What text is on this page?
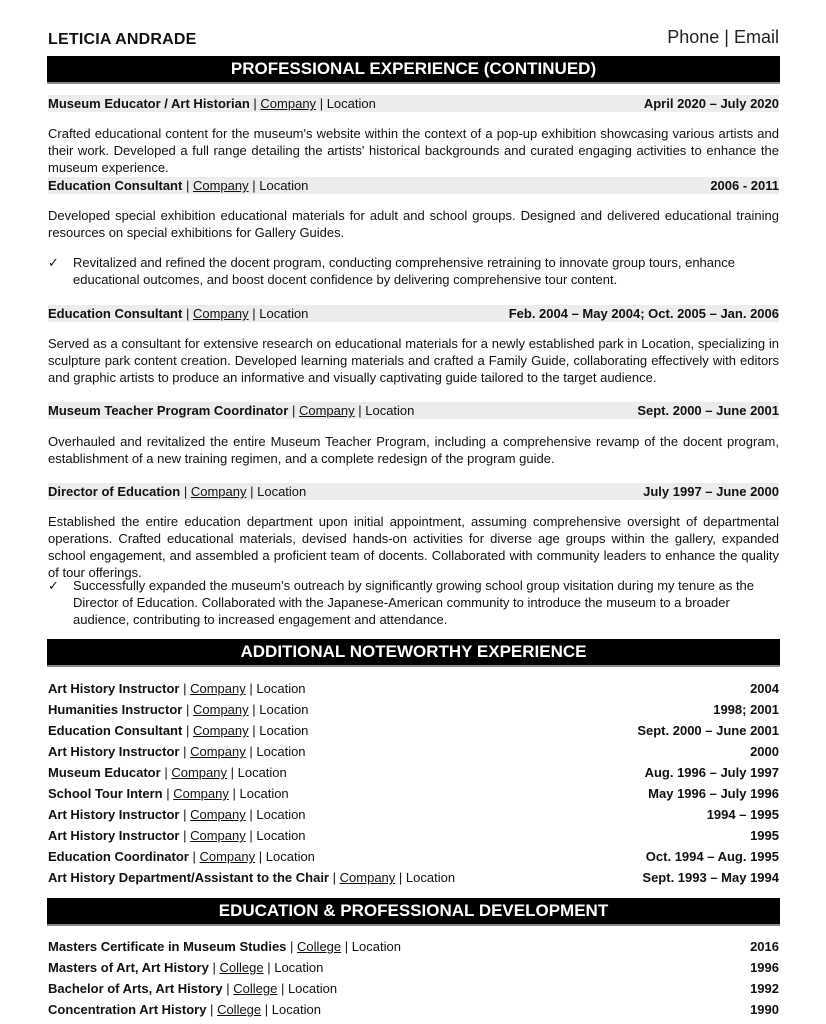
LETICIA ANDRADE	Phone | Email
PROFESSIONAL EXPERIENCE (CONTINUED)
Museum Educator / Art Historian | Company | Location	April 2020 – July 2020
Crafted educational content for the museum's website within the context of a pop-up exhibition showcasing various artists and their work. Developed a full range detailing the artists' historical backgrounds and curated engaging activities to enhance the museum experience.
Education Consultant | Company | Location	2006 - 2011
Developed special exhibition educational materials for adult and school groups. Designed and delivered educational training resources on special exhibitions for Gallery Guides.
✓ Revitalized and refined the docent program, conducting comprehensive retraining to innovate group tours, enhance educational outcomes, and boost docent confidence by delivering comprehensive tour content.
Education Consultant | Company | Location	Feb. 2004 – May 2004; Oct. 2005 – Jan. 2006
Served as a consultant for extensive research on educational materials for a newly established park in Location, specializing in sculpture park content creation. Developed learning materials and crafted a Family Guide, collaborating effectively with editors and graphic artists to produce an informative and visually captivating guide tailored to the target audience.
Museum Teacher Program Coordinator | Company | Location	Sept. 2000 – June 2001
Overhauled and revitalized the entire Museum Teacher Program, including a comprehensive revamp of the docent program, establishment of a new training regimen, and a complete redesign of the program guide.
Director of Education | Company | Location	July 1997 – June 2000
Established the entire education department upon initial appointment, assuming comprehensive oversight of departmental operations. Crafted educational materials, devised hands-on activities for diverse age groups within the gallery, expanded school engagement, and assembled a proficient team of docents. Collaborated with community leaders to enhance the quality of tour offerings.
✓ Successfully expanded the museum's outreach by significantly growing school group visitation during my tenure as the Director of Education. Collaborated with the Japanese-American community to introduce the museum to a broader audience, contributing to increased engagement and attendance.
ADDITIONAL NOTEWORTHY EXPERIENCE
Art History Instructor | Company | Location	2004
Humanities Instructor | Company | Location	1998; 2001
Education Consultant | Company | Location	Sept. 2000 – June 2001
Art History Instructor | Company | Location	2000
Museum Educator | Company | Location	Aug. 1996 – July 1997
School Tour Intern | Company | Location	May 1996 – July 1996
Art History Instructor | Company | Location	1994 – 1995
Art History Instructor | Company | Location	1995
Education Coordinator | Company | Location	Oct. 1994 – Aug. 1995
Art History Department/Assistant to the Chair | Company | Location	Sept. 1993 – May 1994
EDUCATION & PROFESSIONAL DEVELOPMENT
Masters Certificate in Museum Studies | College | Location	2016
Masters of Art, Art History | College | Location	1996
Bachelor of Arts, Art History | College | Location	1992
Concentration Art History | College | Location	1990
